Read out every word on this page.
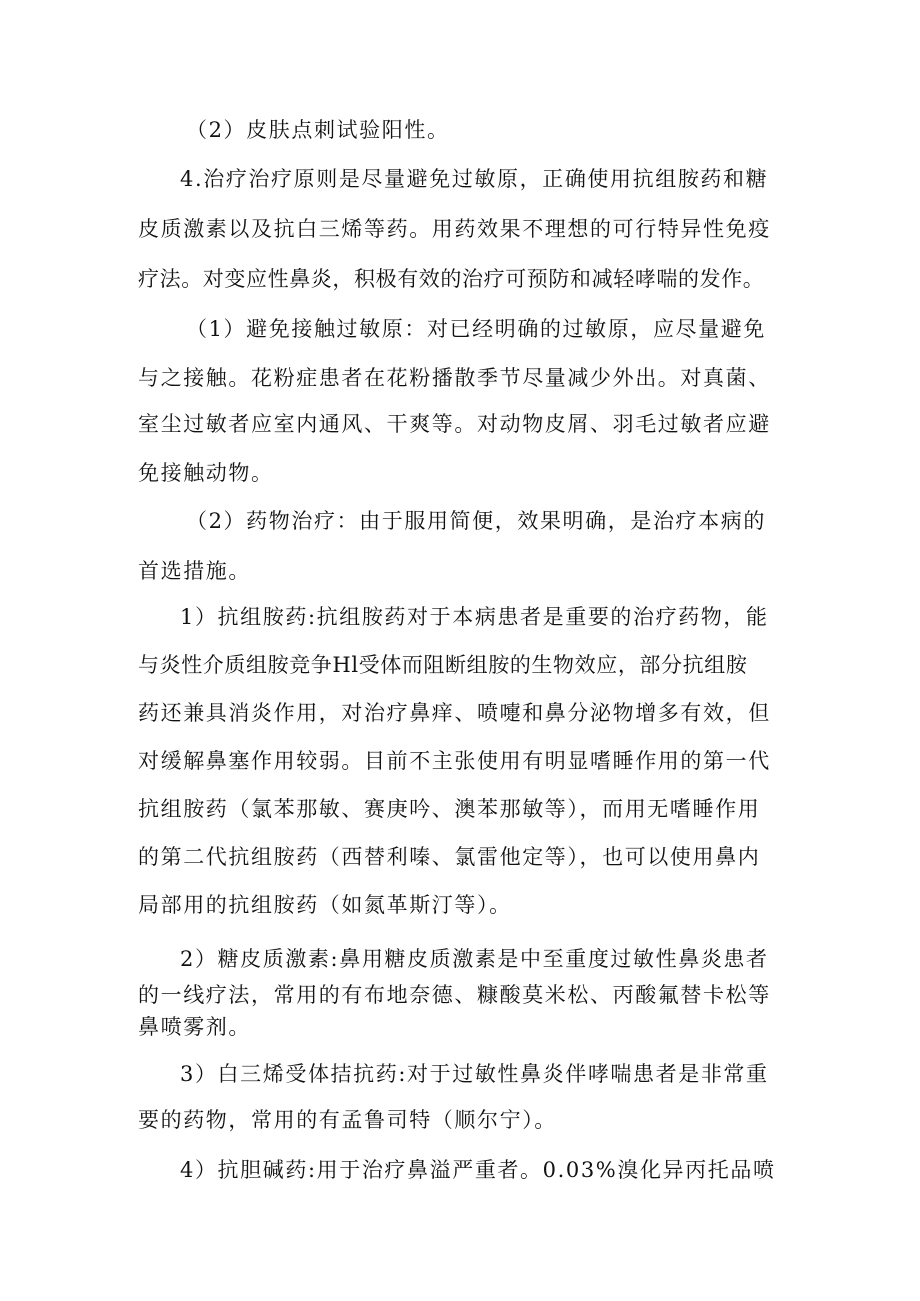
（2）皮肤点刺试验阳性。
4.治疗治疗原则是尽量避免过敏原，正确使用抗组胺药和糖
皮质激素以及抗白三烯等药。用药效果不理想的可行特异性免疫
疗法。对变应性鼻炎，积极有效的治疗可预防和减轻哮喘的发作。
（1）避免接触过敏原：对已经明确的过敏原，应尽量避免
与之接触。花粉症患者在花粉播散季节尽量减少外出。对真菌、
室尘过敏者应室内通风、干爽等。对动物皮屑、羽毛过敏者应避
免接触动物。
（2）药物治疗：由于服用简便，效果明确，是治疗本病的
首选措施。
1）抗组胺药:抗组胺药对于本病患者是重要的治疗药物，能
与炎性介质组胺竞争Hl受体而阻断组胺的生物效应，部分抗组胺
药还兼具消炎作用，对治疗鼻痒、喷嚏和鼻分泌物增多有效，但
对缓解鼻塞作用较弱。目前不主张使用有明显嗜睡作用的第一代
抗组胺药（氯苯那敏、赛庚吟、澳苯那敏等），而用无嗜睡作用
的第二代抗组胺药（西替利嗪、氯雷他定等），也可以使用鼻内
局部用的抗组胺药（如氮革斯汀等）。
2）糖皮质激素:鼻用糖皮质激素是中至重度过敏性鼻炎患者
的一线疗法，常用的有布地奈德、糠酸莫米松、丙酸氟替卡松等
鼻喷雾剂。
3）白三烯受体拮抗药:对于过敏性鼻炎伴哮喘患者是非常重
要的药物，常用的有孟鲁司特（顺尔宁）。
4）抗胆碱药:用于治疗鼻溢严重者。0.03%溴化异丙托品喷
